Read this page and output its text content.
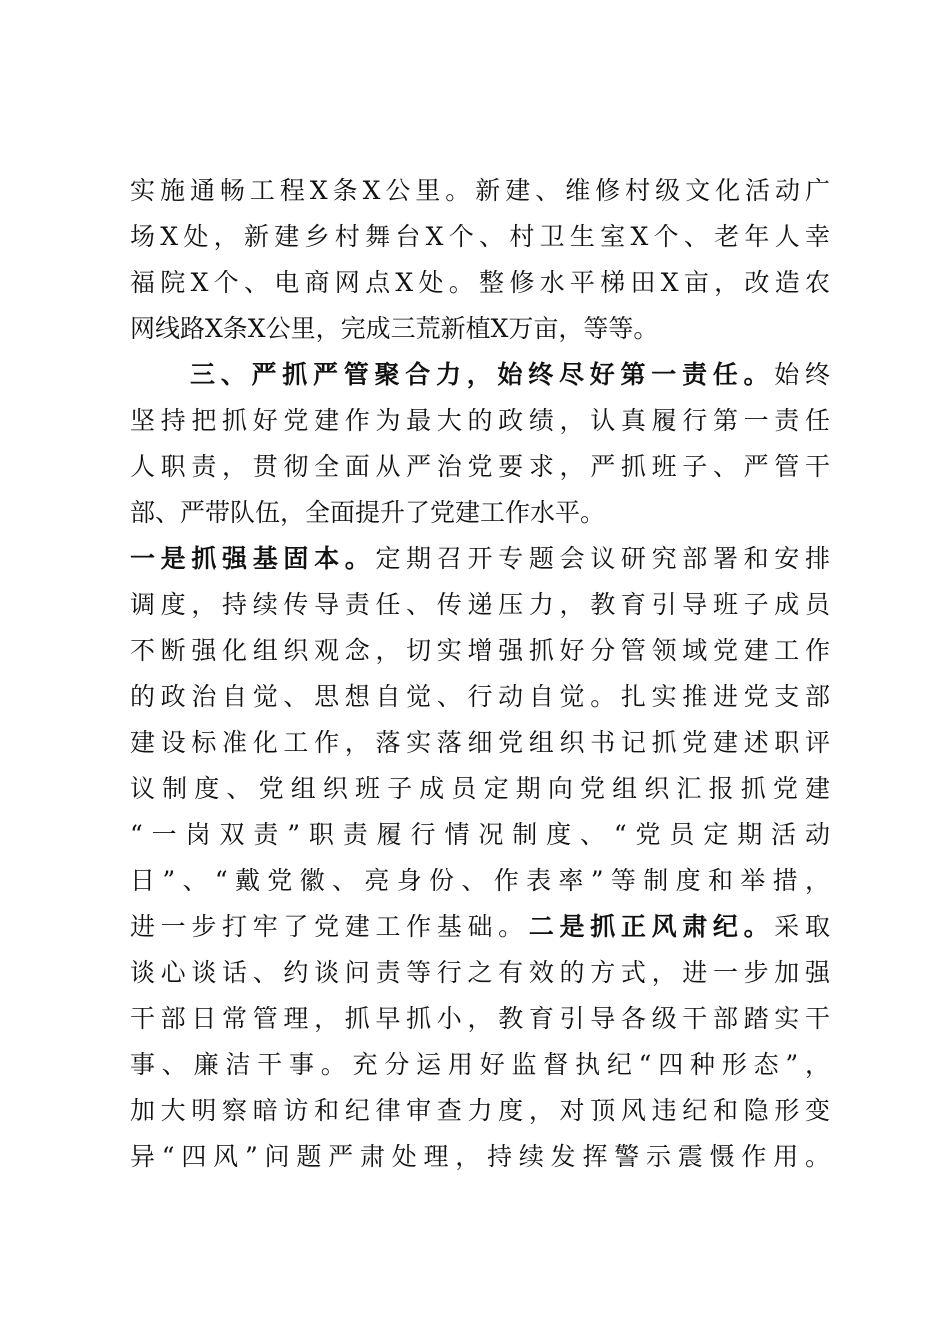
实施通畅工程X条X公里。新建、维修村级文化活动广
场X处，新建乡村舞台X个、村卫生室X个、老年人幸
福院X个、电商网点X处。整修水平梯田X亩，改造农
网线路X条X公里，完成三荒新植X万亩，等等。
三、严抓严管聚合力，始终尽好第一责任。始终
坚持把抓好党建作为最大的政绩，认真履行第一责任
人职责，贯彻全面从严治党要求，严抓班子、严管干
部、严带队伍，全面提升了党建工作水平。
一是抓强基固本。定期召开专题会议研究部署和安排
调度，持续传导责任、传递压力，教育引导班子成员
不断强化组织观念，切实增强抓好分管领域党建工作
的政治自觉、思想自觉、行动自觉。扎实推进党支部
建设标准化工作，落实落细党组织书记抓党建述职评
议制度、党组织班子成员定期向党组织汇报抓党建
“一岗双责”职责履行情况制度、“党员定期活动
日”、“戴党徽、亮身份、作表率”等制度和举措，
进一步打牢了党建工作基础。二是抓正风肃纪。采取
谈心谈话、约谈问责等行之有效的方式，进一步加强
干部日常管理，抓早抓小，教育引导各级干部踏实干
事、廉洁干事。充分运用好监督执纪“四种形态”，
加大明察暗访和纪律审查力度，对顶风违纪和隐形变
异“四风”问题严肃处理，持续发挥警示震慑作用。
